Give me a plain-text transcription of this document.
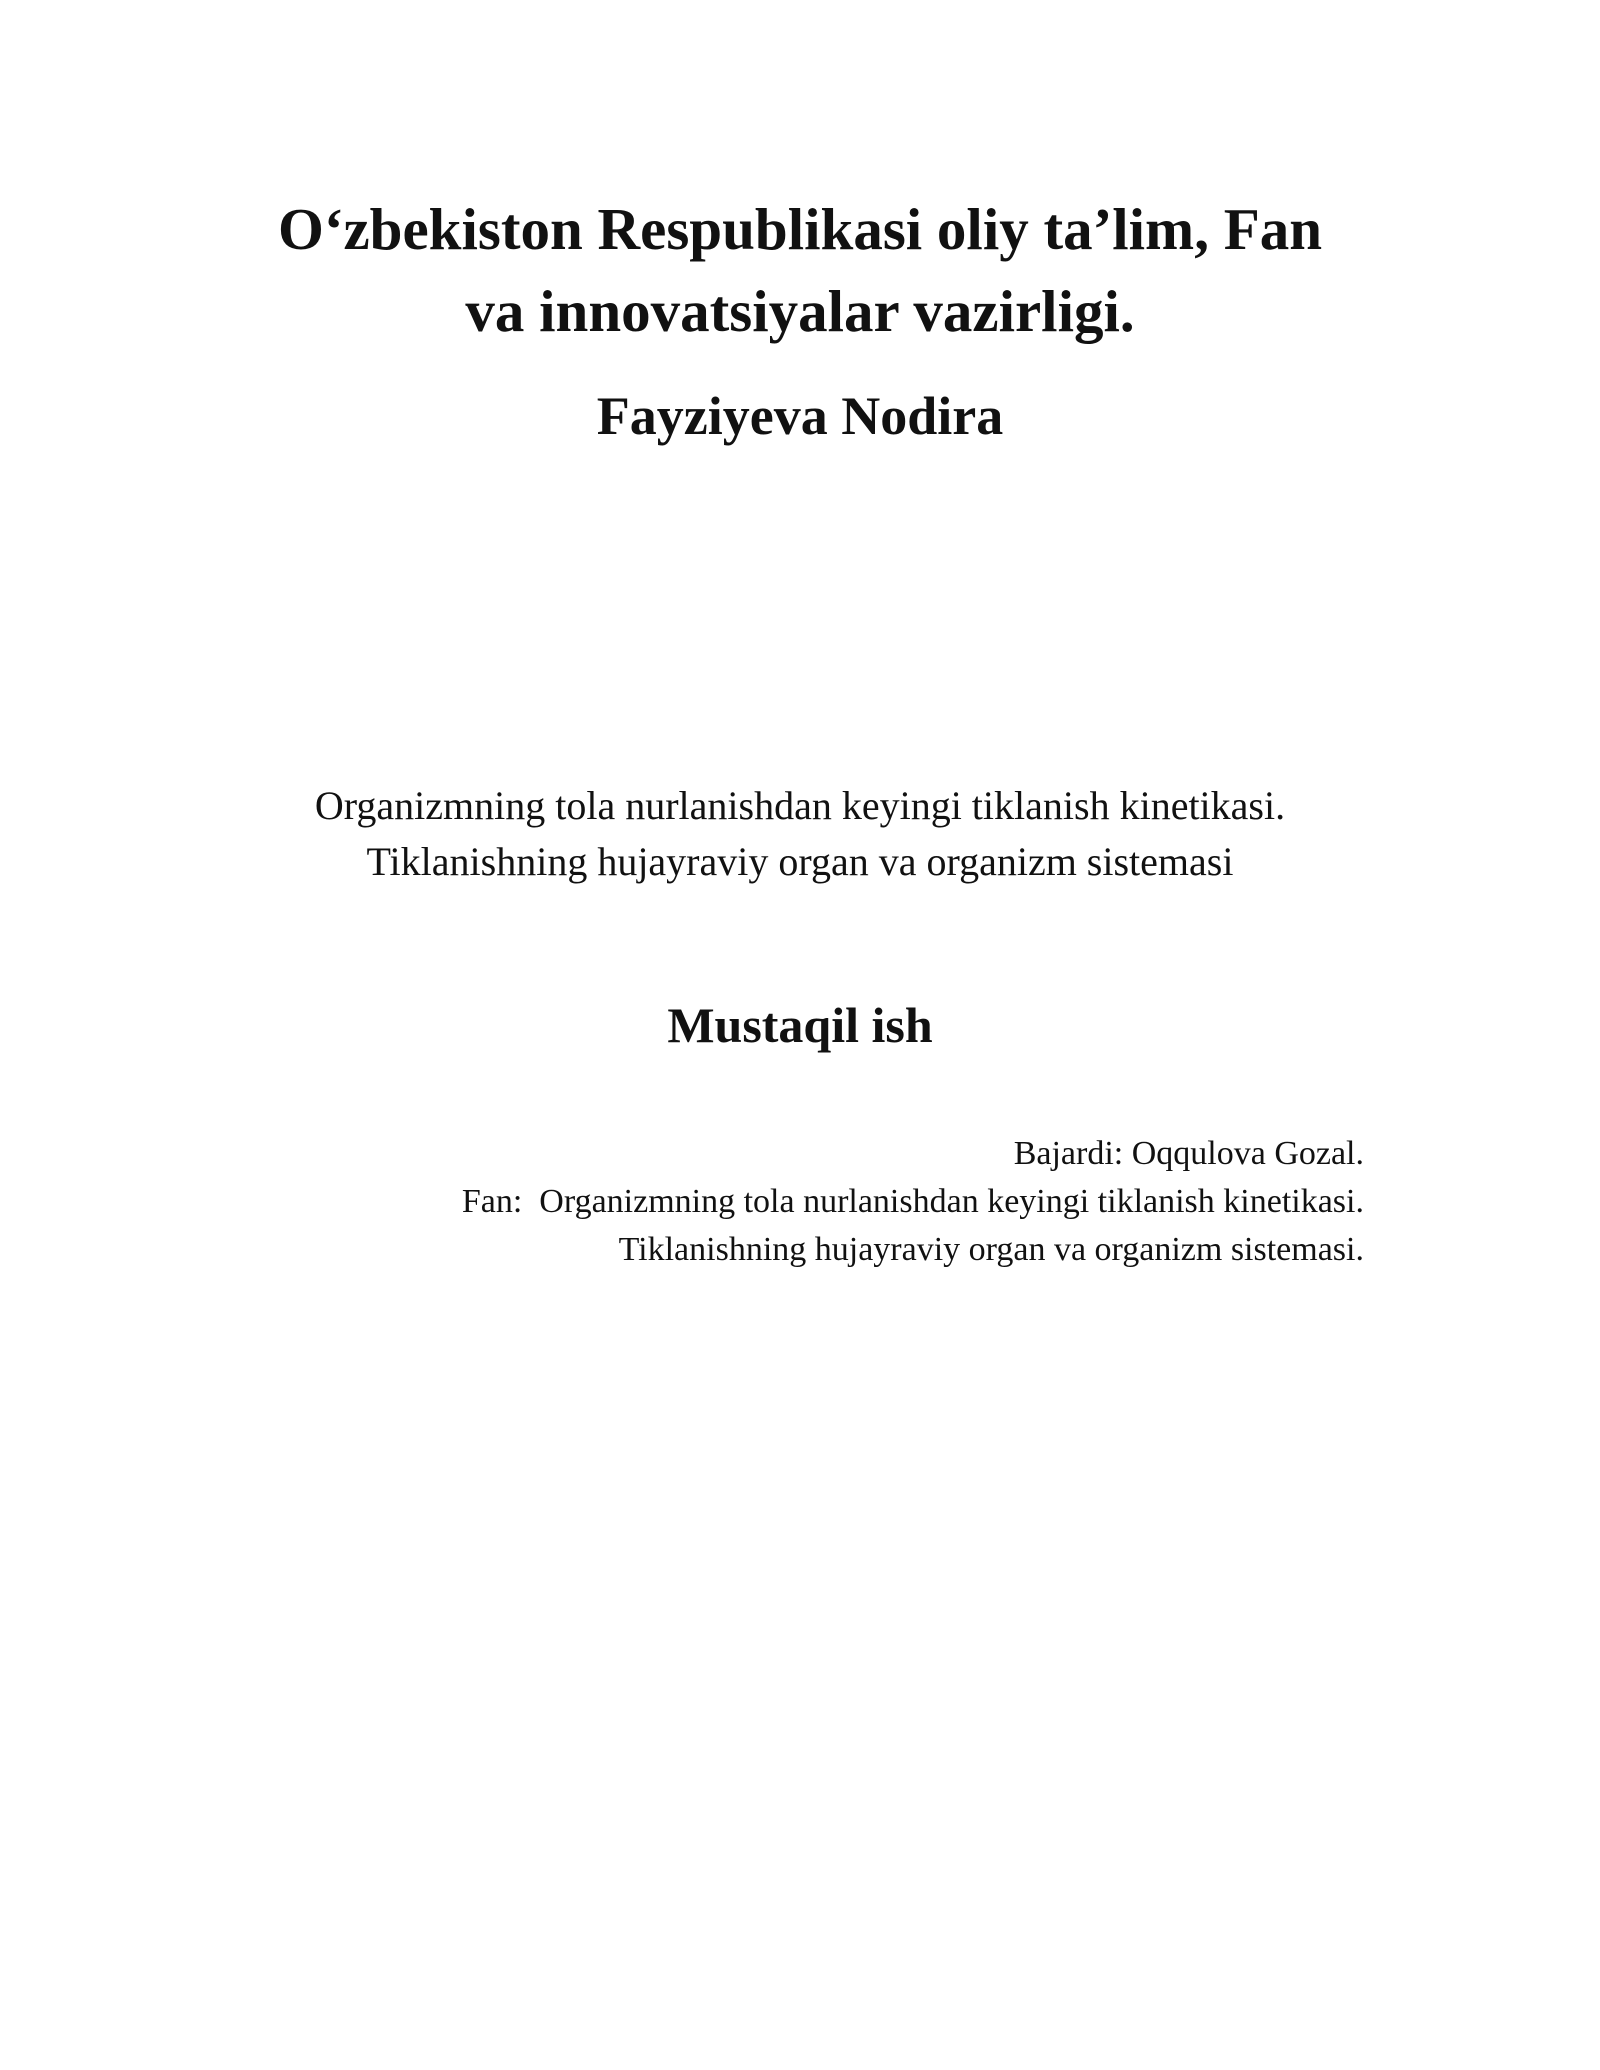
O‘zbekiston Respublikasi oliy ta’lim, Fan
va innovatsiyalar vazirligi.
Fayziyeva Nodira

Organizmning tola nurlanishdan keyingi tiklanish kinetikasi.
Tiklanishning hujayraviy organ va organizm sistemasi

Mustaqil ish
Bajardi: Oqqulova Gozal.
Fan:  Organizmning tola nurlanishdan keyingi tiklanish kinetikasi.
Tiklanishning hujayraviy organ va organizm sistemasi.
